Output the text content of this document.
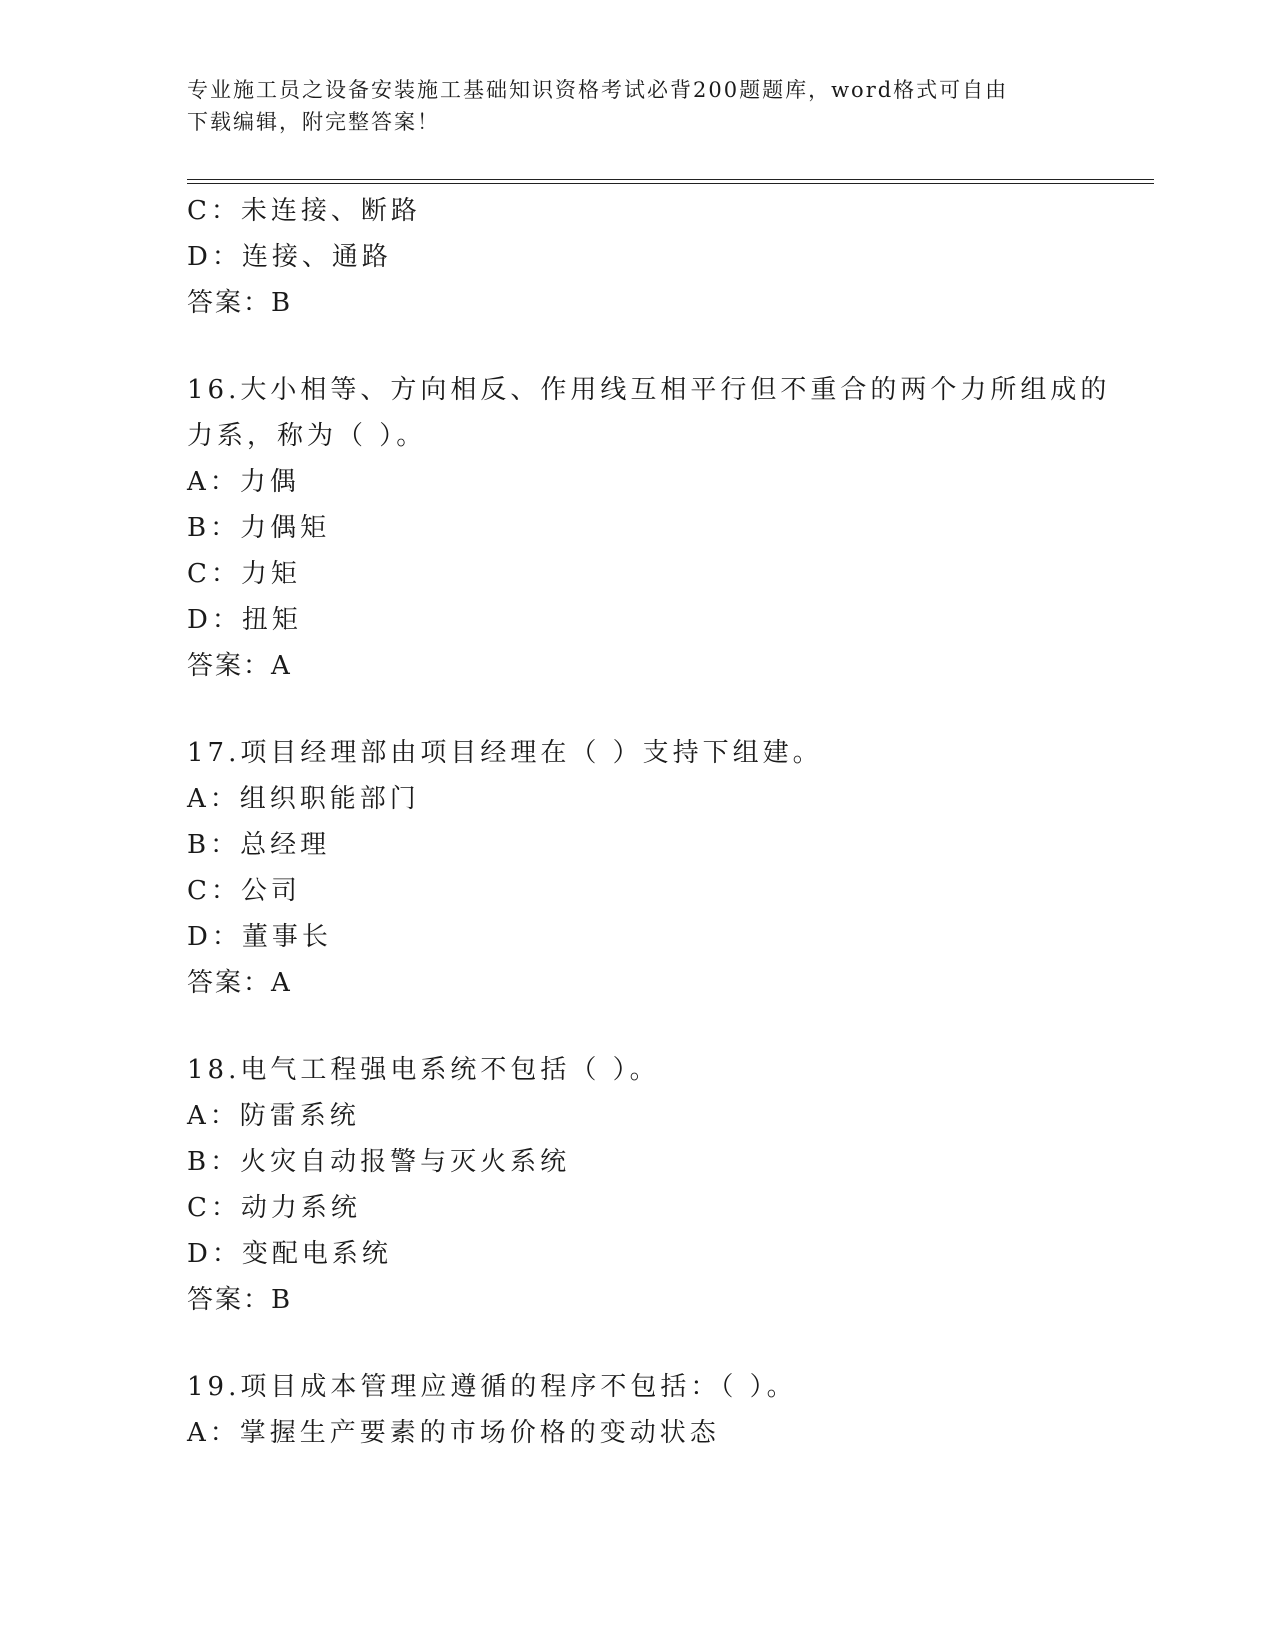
专业施工员之设备安装施工基础知识资格考试必背200题题库，word格式可自由
下载编辑，附完整答案！
C：未连接、断路
D：连接、通路
答案：B
16.大小相等、方向相反、作用线互相平行但不重合的两个力所组成的
力系，称为（ ）。
A：力偶
B：力偶矩
C：力矩
D：扭矩
答案：A
17.项目经理部由项目经理在（ ）支持下组建。
A：组织职能部门
B：总经理
C：公司
D：董事长
答案：A
18.电气工程强电系统不包括（ ）。
A：防雷系统
B：火灾自动报警与灭火系统
C：动力系统
D：变配电系统
答案：B
19.项目成本管理应遵循的程序不包括：（ ）。
A：掌握生产要素的市场价格的变动状态
